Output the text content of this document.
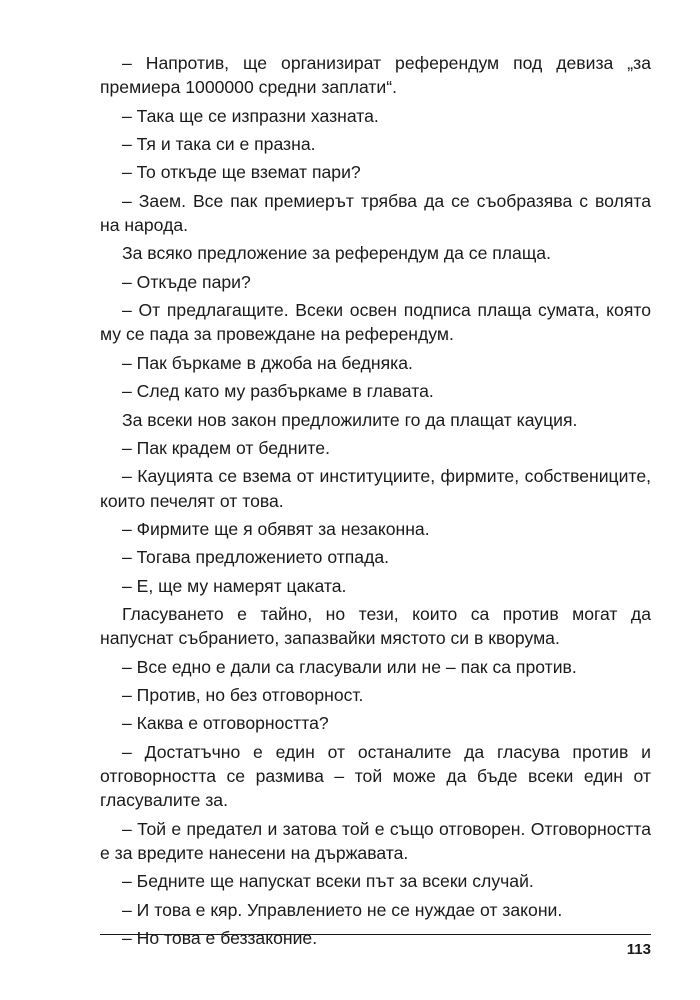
– Напротив, ще организират референдум под девиза „за премиера 1000000 средни заплати“.

– Така ще се изпразни хазната.

– Тя и така си е празна.

– То откъде ще вземат пари?

– Заем. Все пак премиерът трябва да се съобразява с волята на народа.

За всяко предложение за референдум да се плаща.

– Откъде пари?

– От предлагащите. Всеки освен подписа плаща сумата, която му се пада за провеждане на референдум.

– Пак бъркаме в джоба на бедняка.

– След като му разбъркаме в главата.

За всеки нов закон предложилите го да плащат кауция.

– Пак крадем от бедните.

– Кауцията се взема от институциите, фирмите, собствениците, които печелят от това.

– Фирмите ще я обявят за незаконна.

– Тогава предложението отпада.

– Е, ще му намерят цаката.

Гласуването е тайно, но тези, които са против могат да напуснат събранието, запазвайки мястото си в кворума.

– Все едно е дали са гласували или не – пак са против.

– Против, но без отговорност.

– Каква е отговорността?

– Достатъчно е един от останалите да гласува против и отговорността се размива – той може да бъде всеки един от гласувалите за.

– Той е предател и затова той е също отговорен. Отговорността е за вредите нанесени на държавата.

– Бедните ще напускат всеки път за всеки случай.

– И това е кяр. Управлението не се нуждае от закони.

– Но това е беззаконие.

113
